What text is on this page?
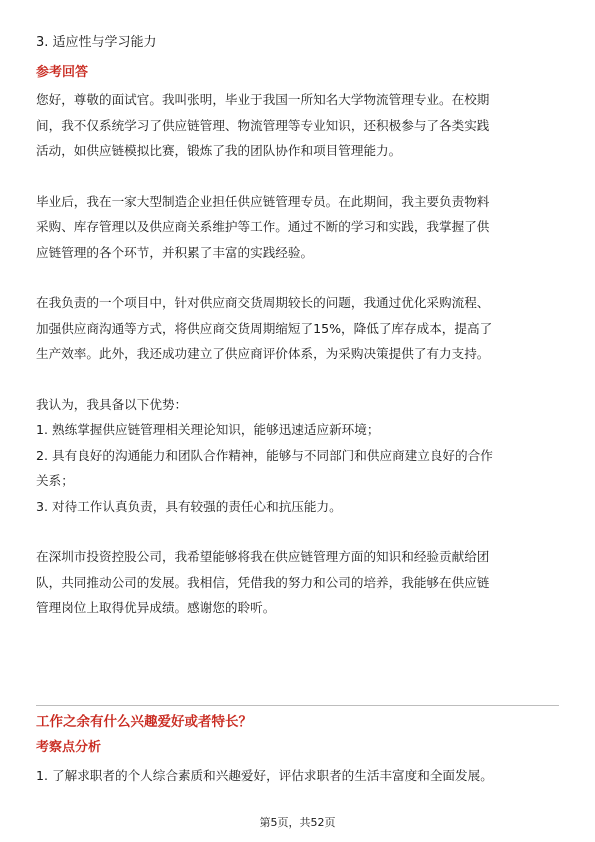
3. 适应性与学习能力
参考回答
您好，尊敬的面试官。我叫张明，毕业于我国一所知名大学物流管理专业。在校期
间，我不仅系统学习了供应链管理、物流管理等专业知识，还积极参与了各类实践
活动，如供应链模拟比赛，锻炼了我的团队协作和项目管理能力。
毕业后，我在一家大型制造企业担任供应链管理专员。在此期间，我主要负责物料
采购、库存管理以及供应商关系维护等工作。通过不断的学习和实践，我掌握了供
应链管理的各个环节，并积累了丰富的实践经验。
在我负责的一个项目中，针对供应商交货周期较长的问题，我通过优化采购流程、
加强供应商沟通等方式，将供应商交货周期缩短了15%，降低了库存成本，提高了
生产效率。此外，我还成功建立了供应商评价体系，为采购决策提供了有力支持。
我认为，我具备以下优势：
1. 熟练掌握供应链管理相关理论知识，能够迅速适应新环境；
2. 具有良好的沟通能力和团队合作精神，能够与不同部门和供应商建立良好的合作
关系；
3. 对待工作认真负责，具有较强的责任心和抗压能力。
在深圳市投资控股公司，我希望能够将我在供应链管理方面的知识和经验贡献给团
队，共同推动公司的发展。我相信，凭借我的努力和公司的培养，我能够在供应链
管理岗位上取得优异成绩。感谢您的聆听。
工作之余有什么兴趣爱好或者特长？
考察点分析
1. 了解求职者的个人综合素质和兴趣爱好，评估求职者的生活丰富度和全面发展。
第5页，共52页
